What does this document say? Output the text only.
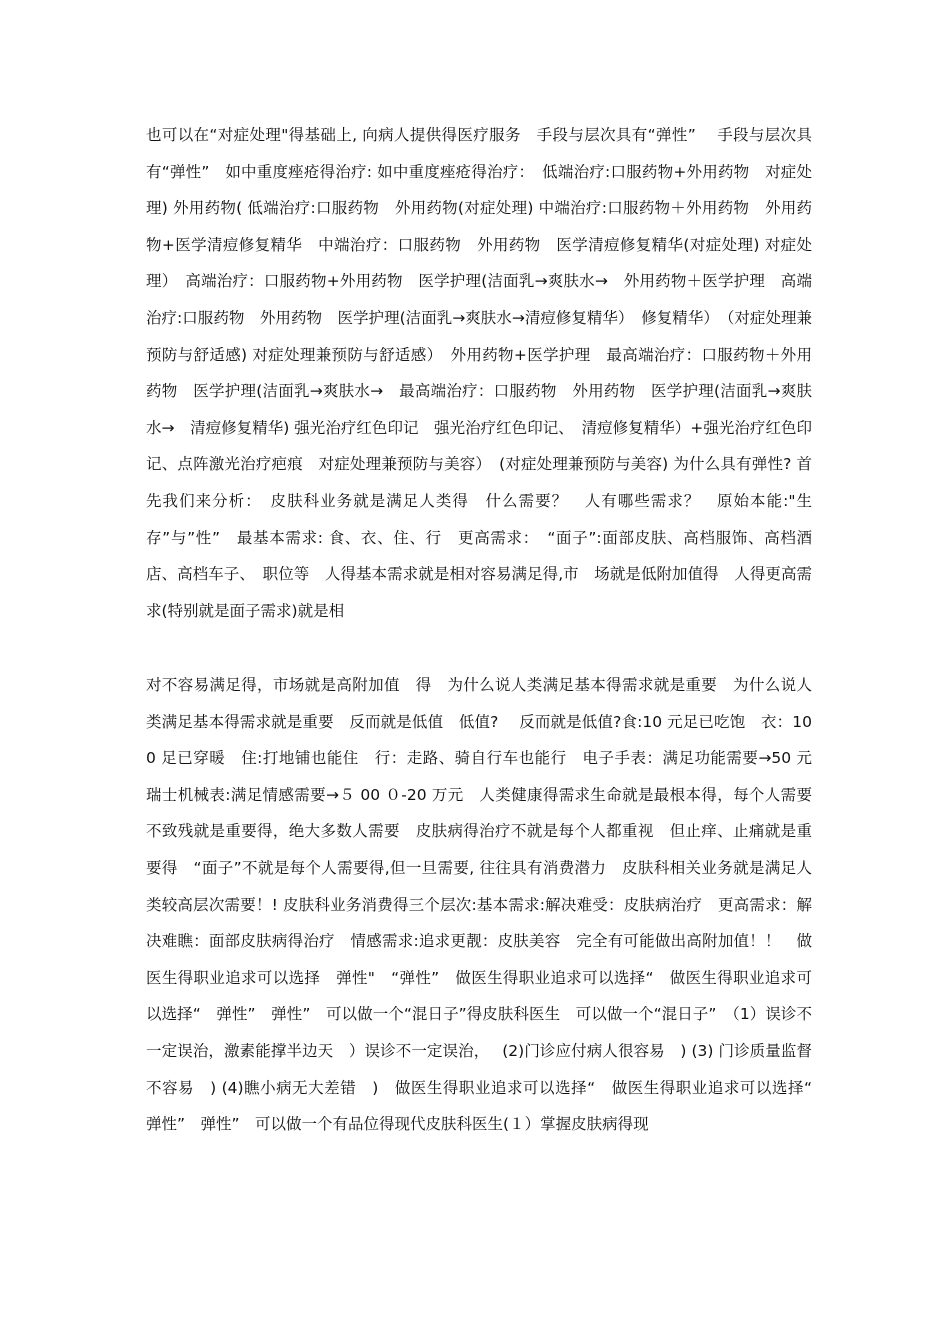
也可以在“对症处理"得基础上, 向病人提供得医疗服务　手段与层次具有“弹性”　 手段与层次具有“弹性”　如中重度痤疮得治疗: 如中重度痤疮得治疗：　低端治疗:口服药物+外用药物　对症处理) 外用药物( 低端治疗:口服药物　外用药物(对症处理) 中端治疗:口服药物＋外用药物　外用药物+医学清痘修复精华　中端治疗：口服药物　外用药物　医学清痘修复精华(对症处理) 对症处理）　高端治疗：口服药物+外用药物　医学护理(洁面乳→爽肤水→　外用药物＋医学护理　高端治疗:口服药物　外用药物　医学护理(洁面乳→爽肤水→清痘修复精华）　修复精华）　（对症处理兼预防与舒适感) 对症处理兼预防与舒适感）　外用药物+医学护理　最高端治疗：口服药物＋外用药物　医学护理(洁面乳→爽肤水→　最高端治疗：口服药物　外用药物　医学护理(洁面乳→爽肤水→　清痘修复精华) 强光治疗红色印记　强光治疗红色印记、　清痘修复精华）+强光治疗红色印记、点阵激光治疗疤痕　对症处理兼预防与美容）　(对症处理兼预防与美容) 为什么具有弹性? 首先我们来分析：　皮肤科业务就是满足人类得　什么需要？　人有哪些需求？　原始本能:"生存”与”性”　最基本需求: 食、衣、住、行　更高需求：　“面子”:面部皮肤、高档服饰、高档酒店、高档车子、　职位等　人得基本需求就是相对容易满足得,市　场就是低附加值得　人得更高需求(特别就是面子需求)就是相
对不容易满足得，市场就是高附加值　得　为什么说人类满足基本得需求就是重要　为什么说人类满足基本得需求就是重要　反而就是低值　低值?　 反而就是低值?食:10 元足已吃饱　衣：100 足已穿暖　住:打地铺也能住　行：走路、骑自行车也能行　电子手表：满足功能需要→50 元　瑞士机械表:满足情感需要→５ 00 ０-20 万元　人类健康得需求生命就是最根本得，每个人需要　不致残就是重要得，绝大多数人需要　皮肤病得治疗不就是每个人都重视　但止痒、止痛就是重要得　“面子”不就是每个人需要得,但一旦需要, 往往具有消费潜力　皮肤科相关业务就是满足人类较高层次需要！! 皮肤科业务消费得三个层次:基本需求:解决难受：皮肤病治疗　更高需求：解决难瞧：面部皮肤病得治疗　情感需求:追求更靓：皮肤美容　完全有可能做出高附加值！！　做医生得职业追求可以选择　弹性"　“弹性”　做医生得职业追求可以选择“　做医生得职业追求可以选择“　弹性”　弹性”　可以做一个“混日子”得皮肤科医生　可以做一个“混日子”　（1）误诊不一定误治，激素能撑半边天　）误诊不一定误治，　 (2)门诊应付病人很容易　) (3) 门诊质量监督不容易　) (4)瞧小病无大差错　)　做医生得职业追求可以选择“　做医生得职业追求可以选择“　弹性”　弹性”　可以做一个有品位得现代皮肤科医生(１）掌握皮肤病得现
